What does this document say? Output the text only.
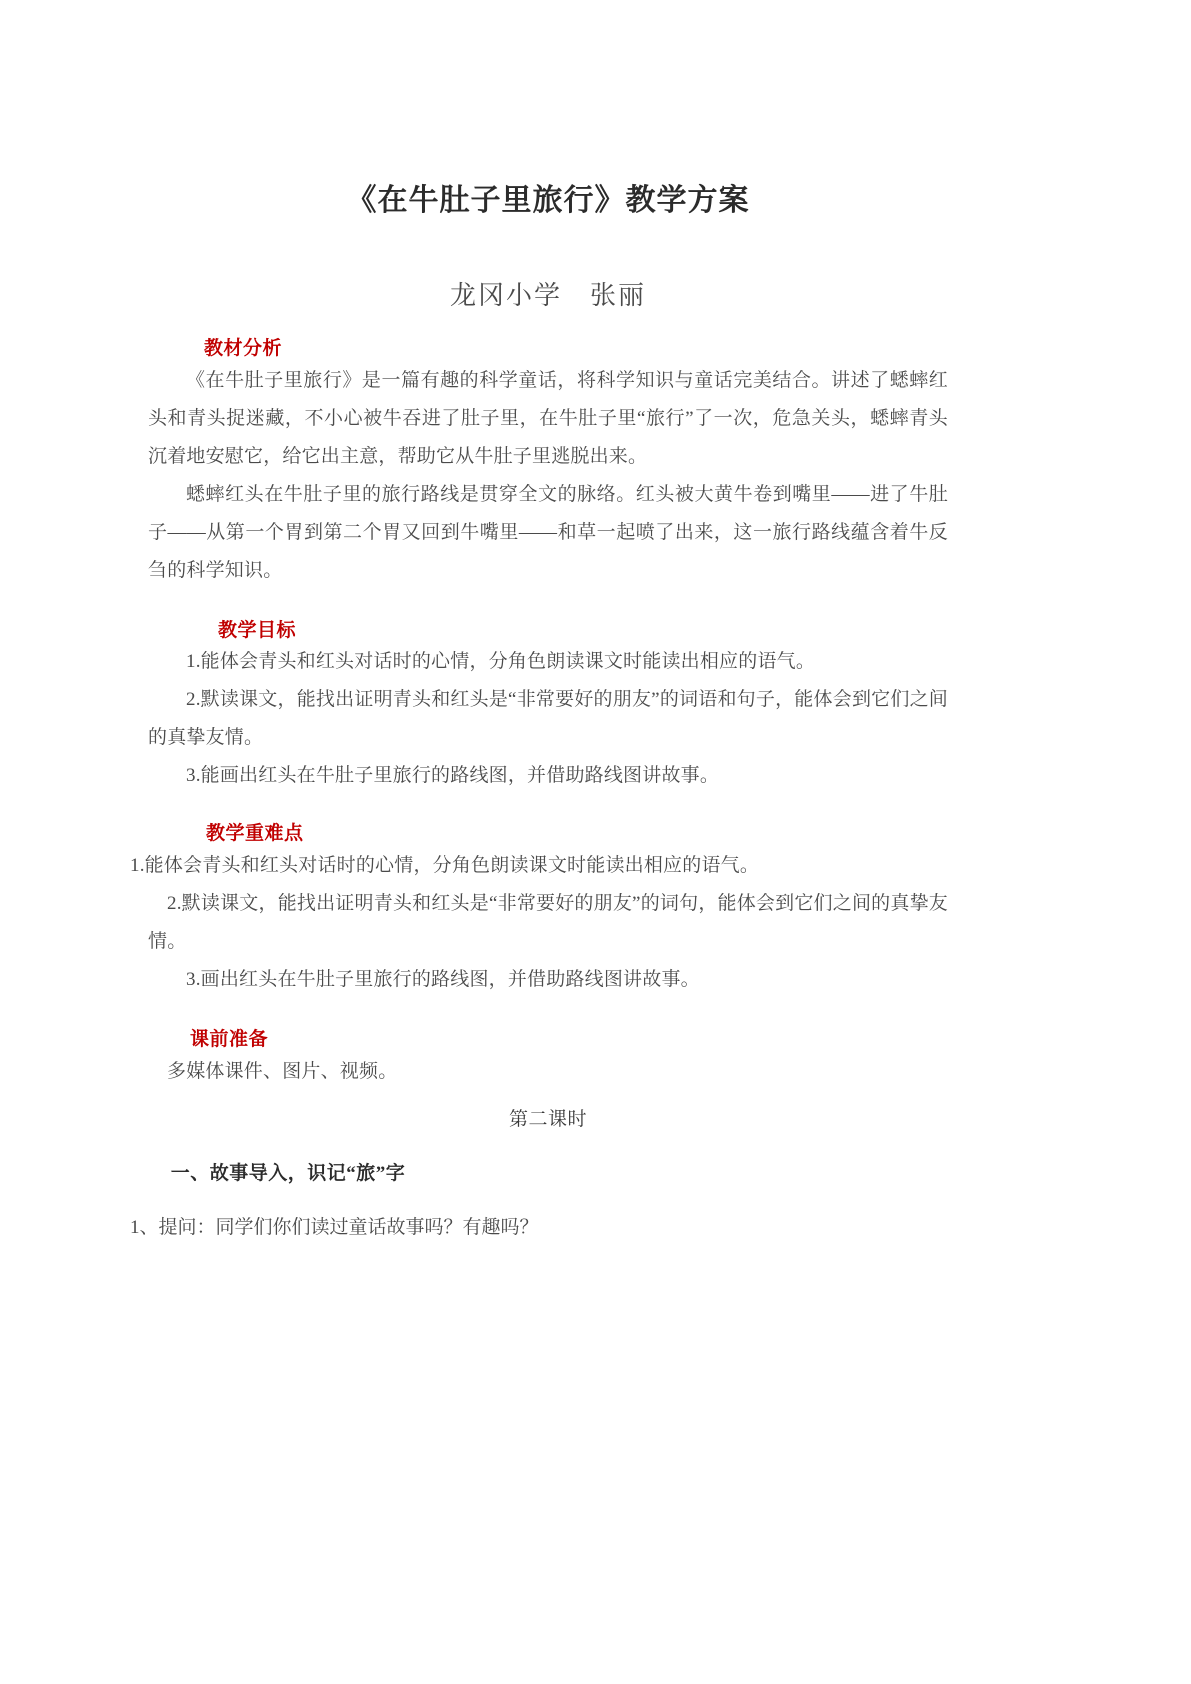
《在牛肚子里旅行》教学方案
龙冈小学　张丽
教材分析

《在牛肚子里旅行》是一篇有趣的科学童话，将科学知识与童话完美结合。讲述了蟋蟀红头和青头捉迷藏，不小心被牛吞进了肚子里，在牛肚子里“旅行”了一次，危急关头，蟋蟀青头沉着地安慰它，给它出主意，帮助它从牛肚子里逃脱出来。

蟋蟀红头在牛肚子里的旅行路线是贯穿全文的脉络。红头被大黄牛卷到嘴里——进了牛肚子——从第一个胃到第二个胃又回到牛嘴里——和草一起喷了出来，这一旅行路线蕴含着牛反刍的科学知识。

教学目标

1.能体会青头和红头对话时的心情，分角色朗读课文时能读出相应的语气。

2.默读课文，能找出证明青头和红头是“非常要好的朋友”的词语和句子，能体会到它们之间的真挚友情。

3.能画出红头在牛肚子里旅行的路线图，并借助路线图讲故事。

教学重难点

1.能体会青头和红头对话时的心情，分角色朗读课文时能读出相应的语气。

2.默读课文，能找出证明青头和红头是“非常要好的朋友”的词句，能体会到它们之间的真挚友情。

3.画出红头在牛肚子里旅行的路线图，并借助路线图讲故事。

课前准备

多媒体课件、图片、视频。

第二课时
一、故事导入，识记“旅”字

1、提问：同学们你们读过童话故事吗？有趣吗？
